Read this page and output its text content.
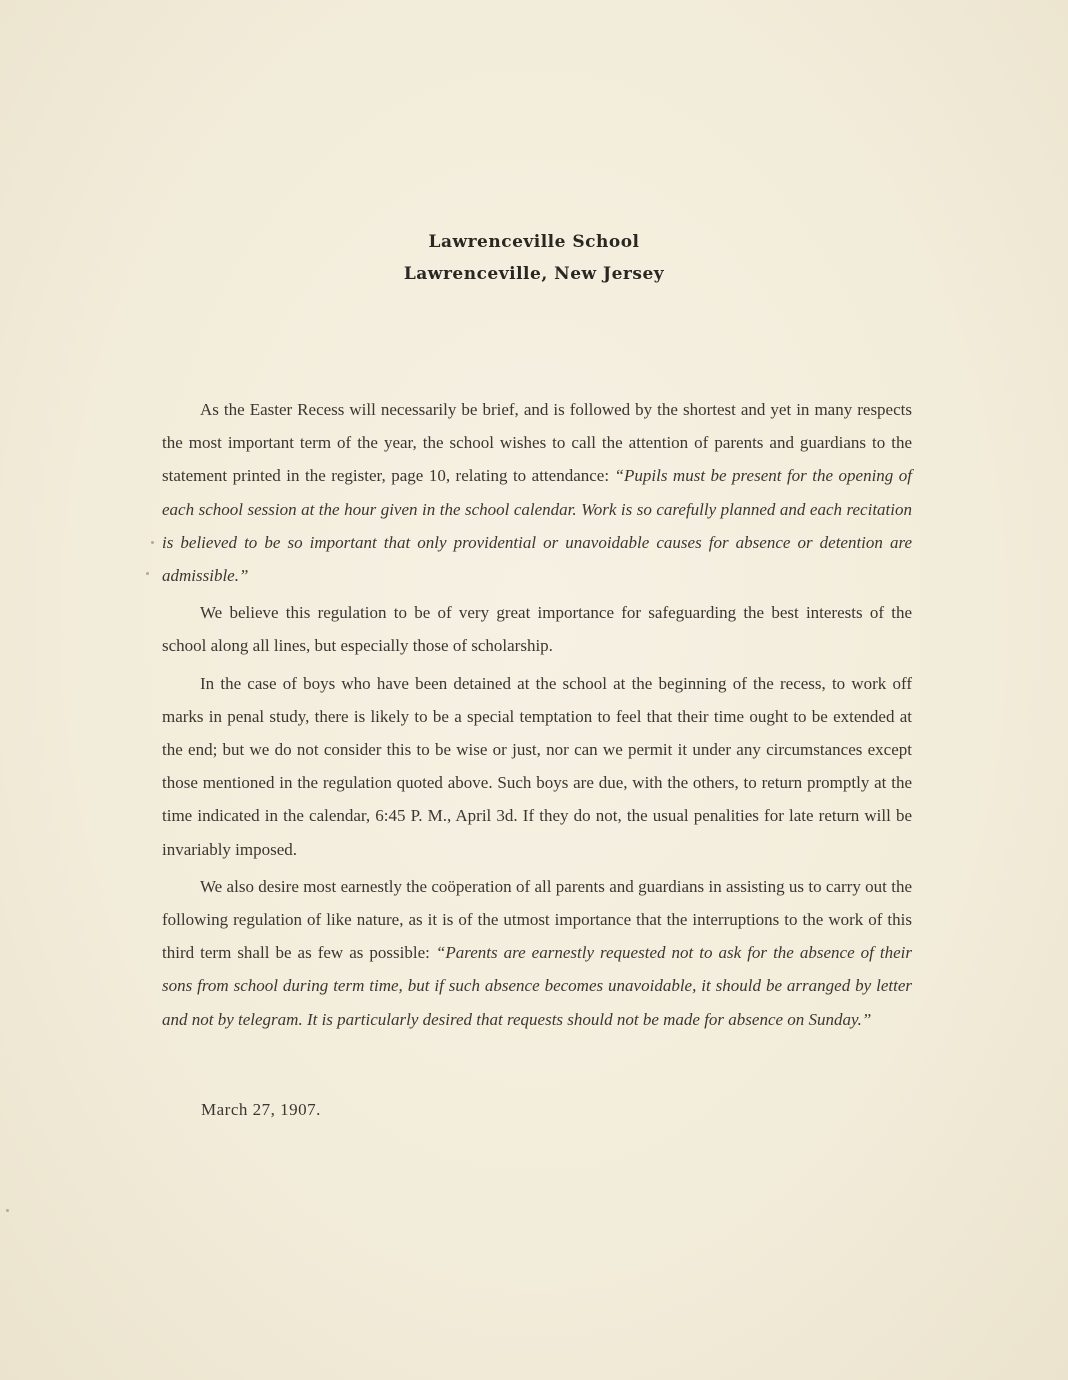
Lawrenceville School
Lawrenceville, New Jersey

As the Easter Recess will necessarily be brief, and is followed by the shortest and yet in many respects the most important term of the year, the school wishes to call the attention of parents and guardians to the statement printed in the register, page 10, relating to attendance: “Pupils must be present for the opening of each school session at the hour given in the school calendar. Work is so carefully planned and each recitation is believed to be so important that only providential or unavoidable causes for absence or detention are admissible.”

We believe this regulation to be of very great importance for safeguarding the best interests of the school along all lines, but especially those of scholarship.

In the case of boys who have been detained at the school at the beginning of the recess, to work off marks in penal study, there is likely to be a special temptation to feel that their time ought to be extended at the end; but we do not consider this to be wise or just, nor can we permit it under any circumstances except those mentioned in the regulation quoted above. Such boys are due, with the others, to return promptly at the time indicated in the calendar, 6:45 P. M., April 3d. If they do not, the usual penalities for late return will be invariably imposed.

We also desire most earnestly the coöperation of all parents and guardians in assisting us to carry out the following regulation of like nature, as it is of the utmost importance that the interruptions to the work of this third term shall be as few as possible: “Parents are earnestly requested not to ask for the absence of their sons from school during term time, but if such absence becomes unavoidable, it should be arranged by letter and not by telegram. It is particularly desired that requests should not be made for absence on Sunday.”

March 27, 1907.
